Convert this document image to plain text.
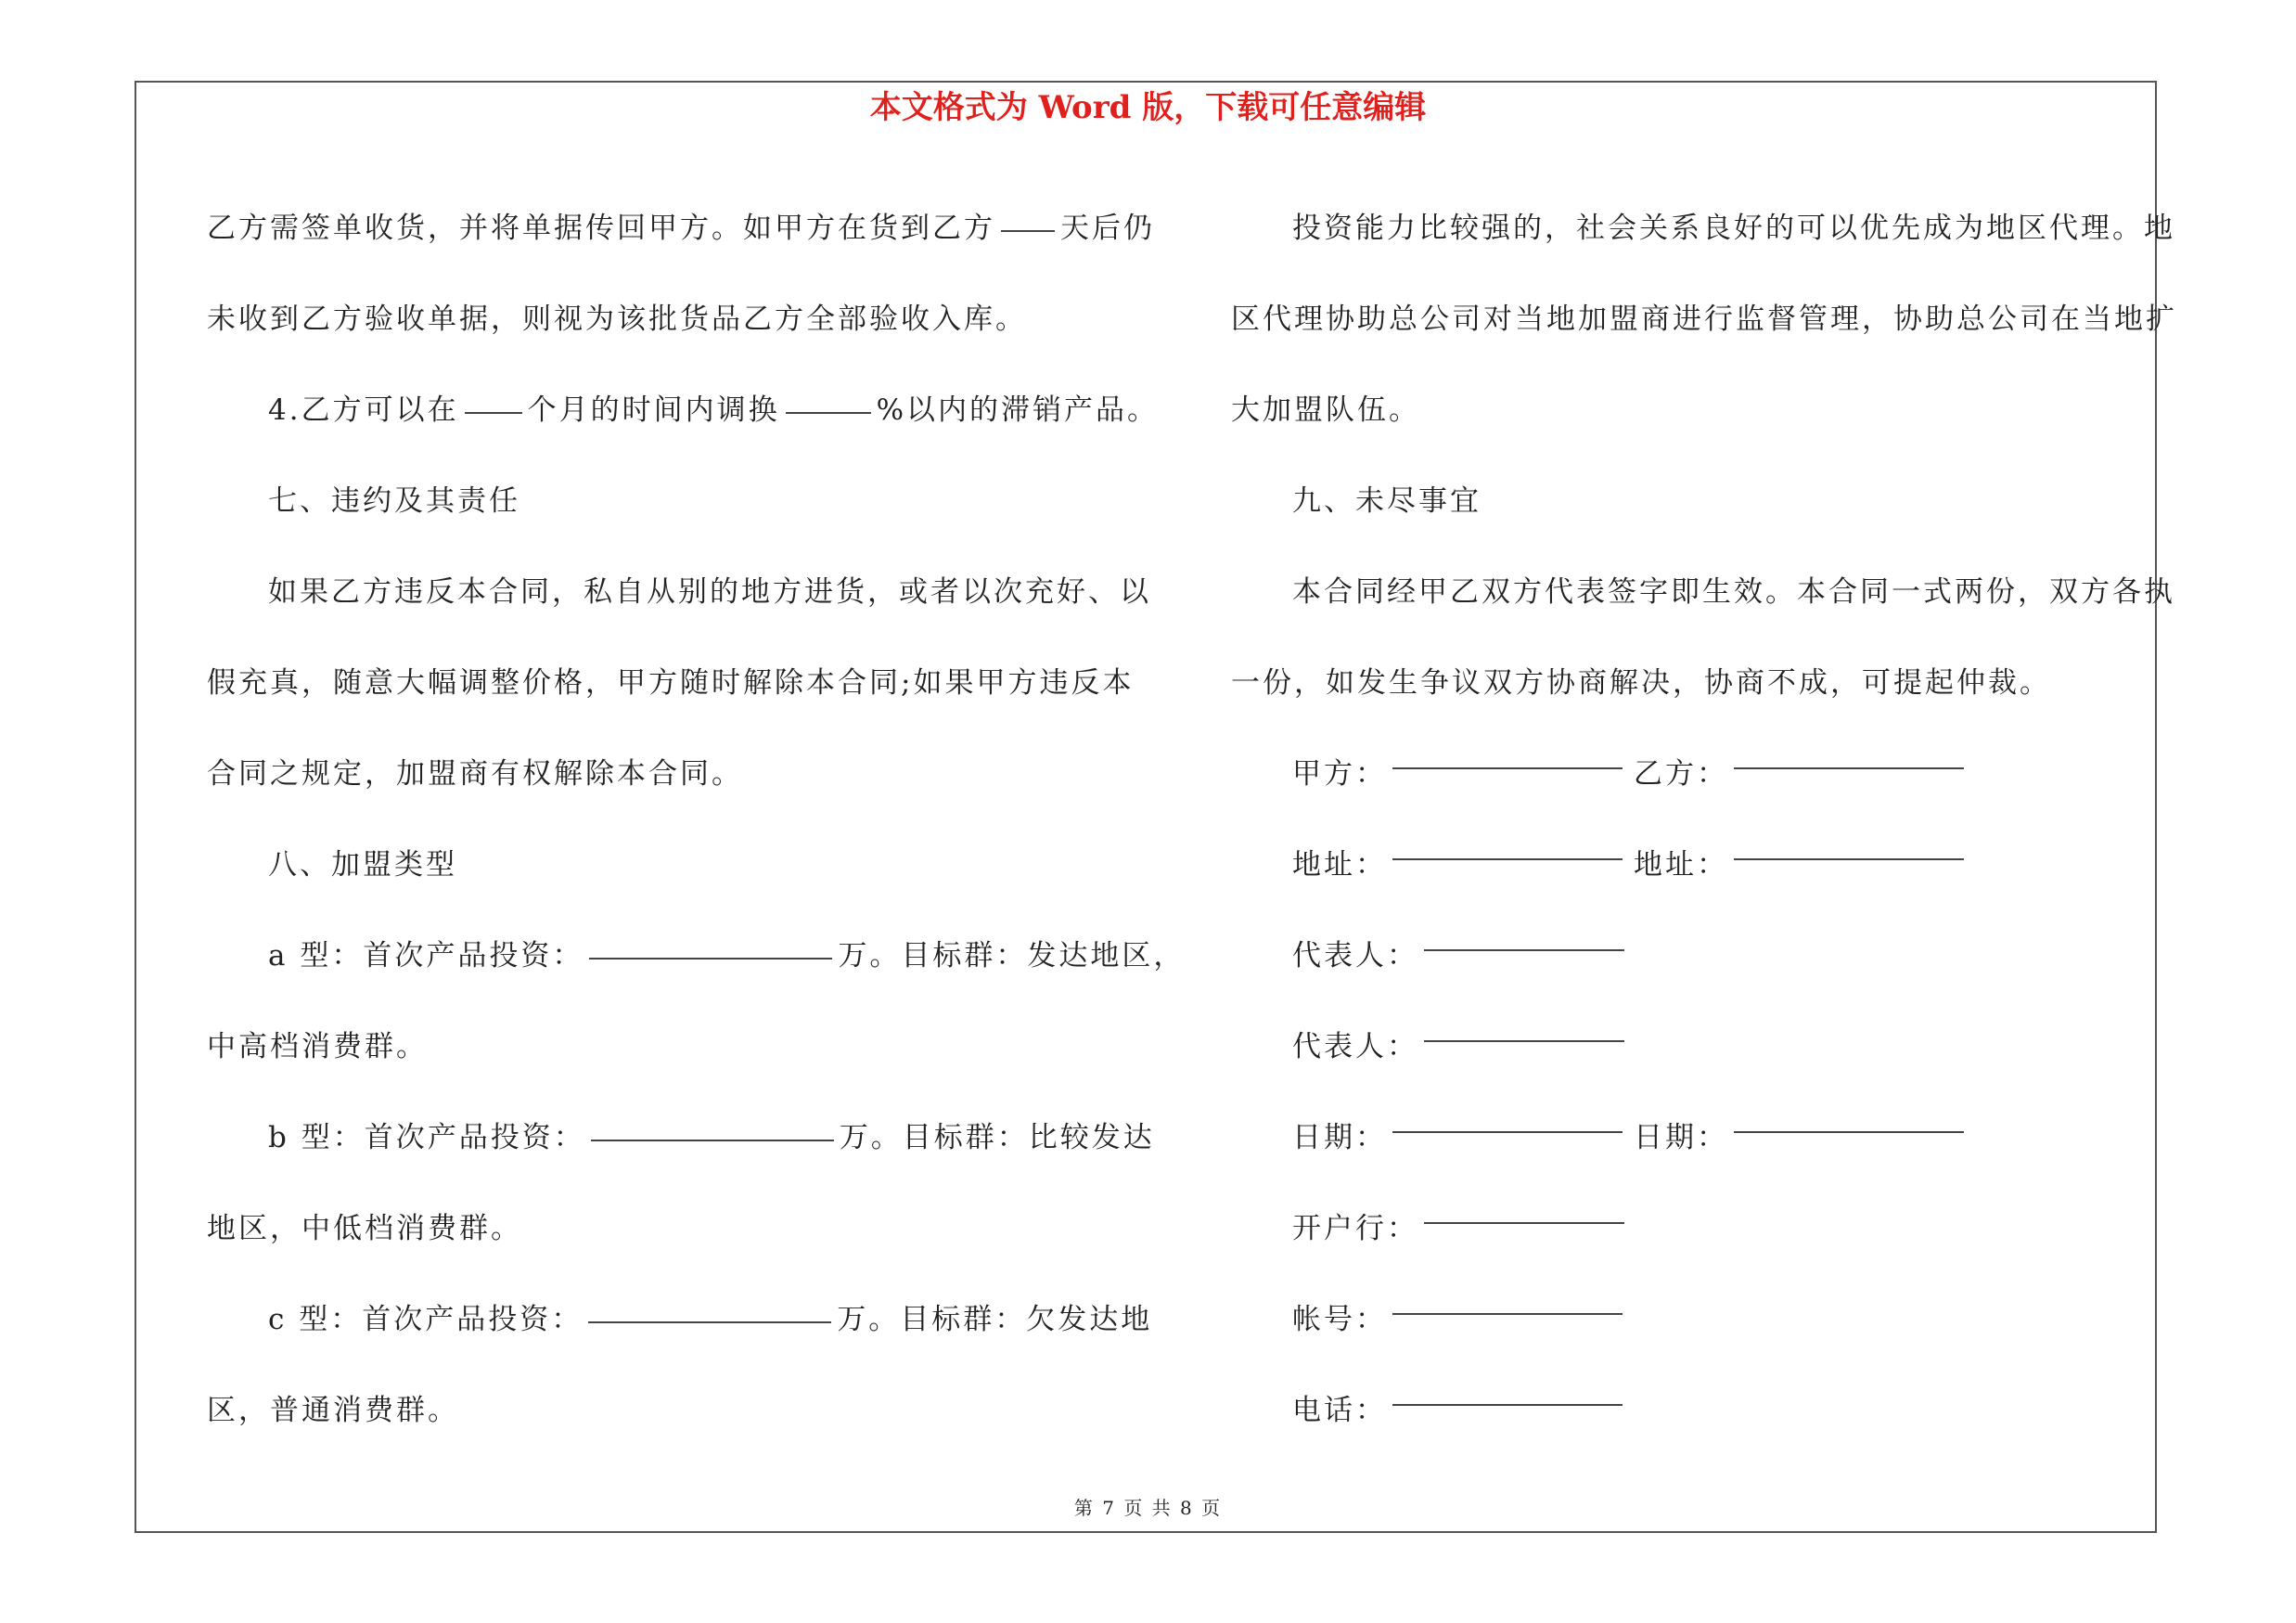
本文格式为 Word 版，下载可任意编辑
乙方需签单收货，并将单据传回甲方。如甲方在货到乙方 天后仍
未收到乙方验收单据，则视为该批货品乙方全部验收入库。
4.乙方可以在 个月的时间内调换	%以内的滞销产品。
七、违约及其责任
如果乙方违反本合同，私自从别的地方进货，或者以次充好、以
假充真，随意大幅调整价格，甲方随时解除本合同;如果甲方违反本
合同之规定，加盟商有权解除本合同。
八、加盟类型
a 型：首次产品投资：	万。目标群：发达地区，
中高档消费群。
b 型：首次产品投资：	万。目标群：比较发达
地区，中低档消费群。
c 型：首次产品投资：	万。目标群：欠发达地
区，普通消费群。
投资能力比较强的，社会关系良好的可以优先成为地区代理。地
区代理协助总公司对当地加盟商进行监督管理，协助总公司在当地扩
大加盟队伍。
九、未尽事宜
本合同经甲乙双方代表签字即生效。本合同一式两份，双方各执
一份，如发生争议双方协商解决，协商不成，可提起仲裁。
甲方：	乙方：
地址：	地址：
代表人：
代表人：
日期：	日期：
开户行：
帐号：
电话：
第 7 页 共 8 页
